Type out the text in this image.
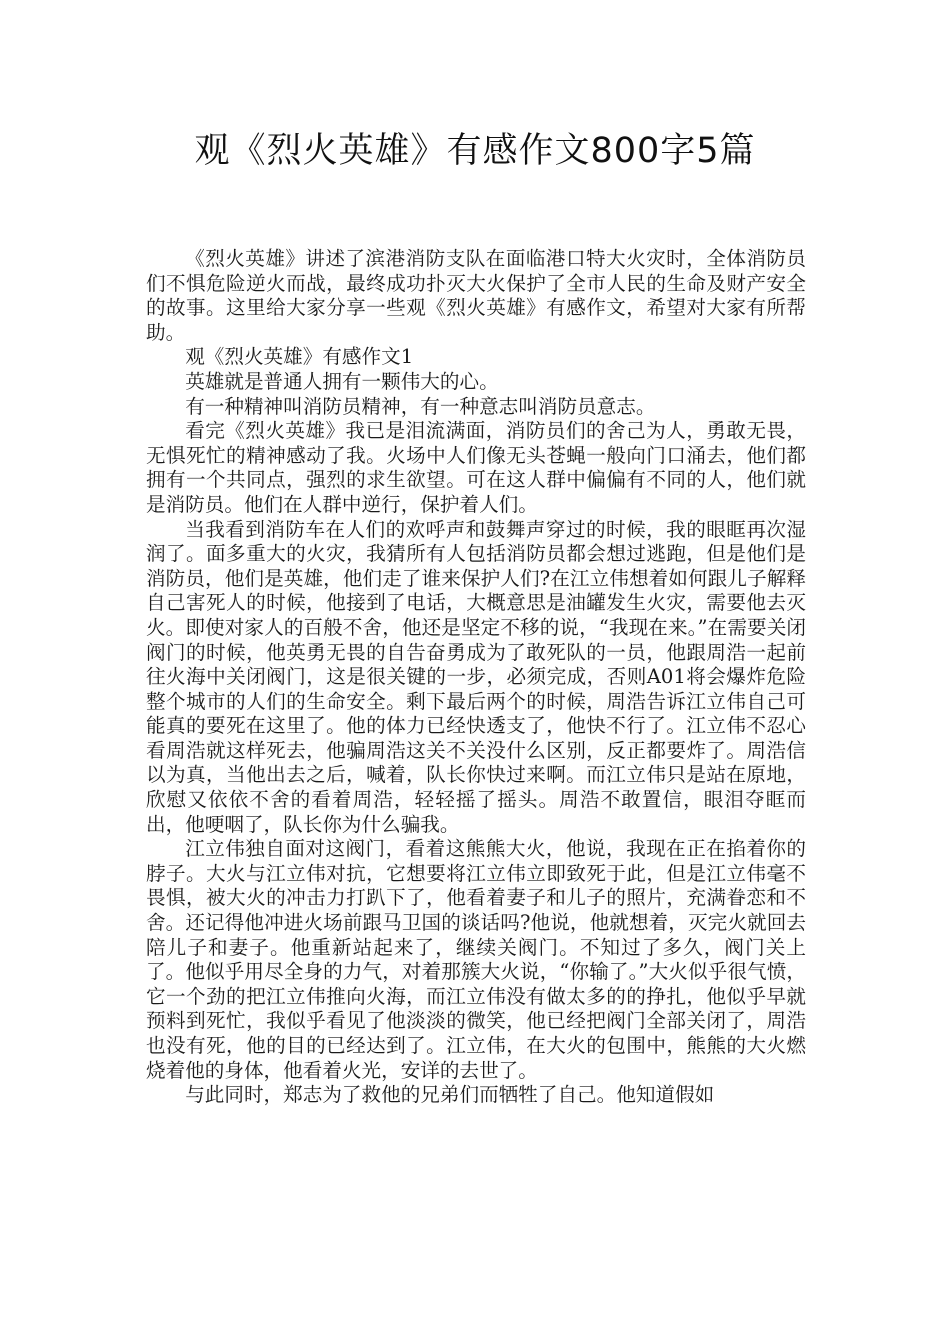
观《烈火英雄》有感作文800字5篇

《烈火英雄》讲述了滨港消防支队在面临港口特大火灾时，全体消防员们不惧危险逆火而战，最终成功扑灭大火保护了全市人民的生命及财产安全的故事。这里给大家分享一些观《烈火英雄》有感作文，希望对大家有所帮助。

观《烈火英雄》有感作文1

英雄就是普通人拥有一颗伟大的心。

有一种精神叫消防员精神，有一种意志叫消防员意志。

看完《烈火英雄》我已是泪流满面，消防员们的舍己为人，勇敢无畏，无惧死忙的精神感动了我。火场中人们像无头苍蝇一般向门口涌去，他们都拥有一个共同点，强烈的求生欲望。可在这人群中偏偏有不同的人，他们就是消防员。他们在人群中逆行，保护着人们。

当我看到消防车在人们的欢呼声和鼓舞声穿过的时候，我的眼眶再次湿润了。面多重大的火灾，我猜所有人包括消防员都会想过逃跑，但是他们是消防员，他们是英雄，他们走了谁来保护人们?在江立伟想着如何跟儿子解释自己害死人的时候，他接到了电话，大概意思是油罐发生火灾，需要他去灭火。即使对家人的百般不舍，他还是坚定不移的说，“我现在来。”在需要关闭阀门的时候，他英勇无畏的自告奋勇成为了敢死队的一员，他跟周浩一起前往火海中关闭阀门，这是很关键的一步，必须完成，否则A01将会爆炸危险整个城市的人们的生命安全。剩下最后两个的时候，周浩告诉江立伟自己可能真的要死在这里了。他的体力已经快透支了，他快不行了。江立伟不忍心看周浩就这样死去，他骗周浩这关不关没什么区别，反正都要炸了。周浩信以为真，当他出去之后，喊着，队长你快过来啊。而江立伟只是站在原地，欣慰又依依不舍的看着周浩，轻轻摇了摇头。周浩不敢置信，眼泪夺眶而出，他哽咽了，队长你为什么骗我。

江立伟独自面对这阀门，看着这熊熊大火，他说，我现在正在掐着你的脖子。大火与江立伟对抗，它想要将江立伟立即致死于此，但是江立伟毫不畏惧，被大火的冲击力打趴下了，他看着妻子和儿子的照片，充满眷恋和不舍。还记得他冲进火场前跟马卫国的谈话吗?他说，他就想着，灭完火就回去陪儿子和妻子。他重新站起来了，继续关阀门。不知过了多久，阀门关上了。他似乎用尽全身的力气，对着那簇大火说，“你输了。”大火似乎很气愤，它一个劲的把江立伟推向火海，而江立伟没有做太多的的挣扎，他似乎早就预料到死忙，我似乎看见了他淡淡的微笑，他已经把阀门全部关闭了，周浩也没有死，他的目的已经达到了。江立伟，在大火的包围中，熊熊的大火燃烧着他的身体，他看着火光，安详的去世了。

与此同时，郑志为了救他的兄弟们而牺牲了自己。他知道假如
